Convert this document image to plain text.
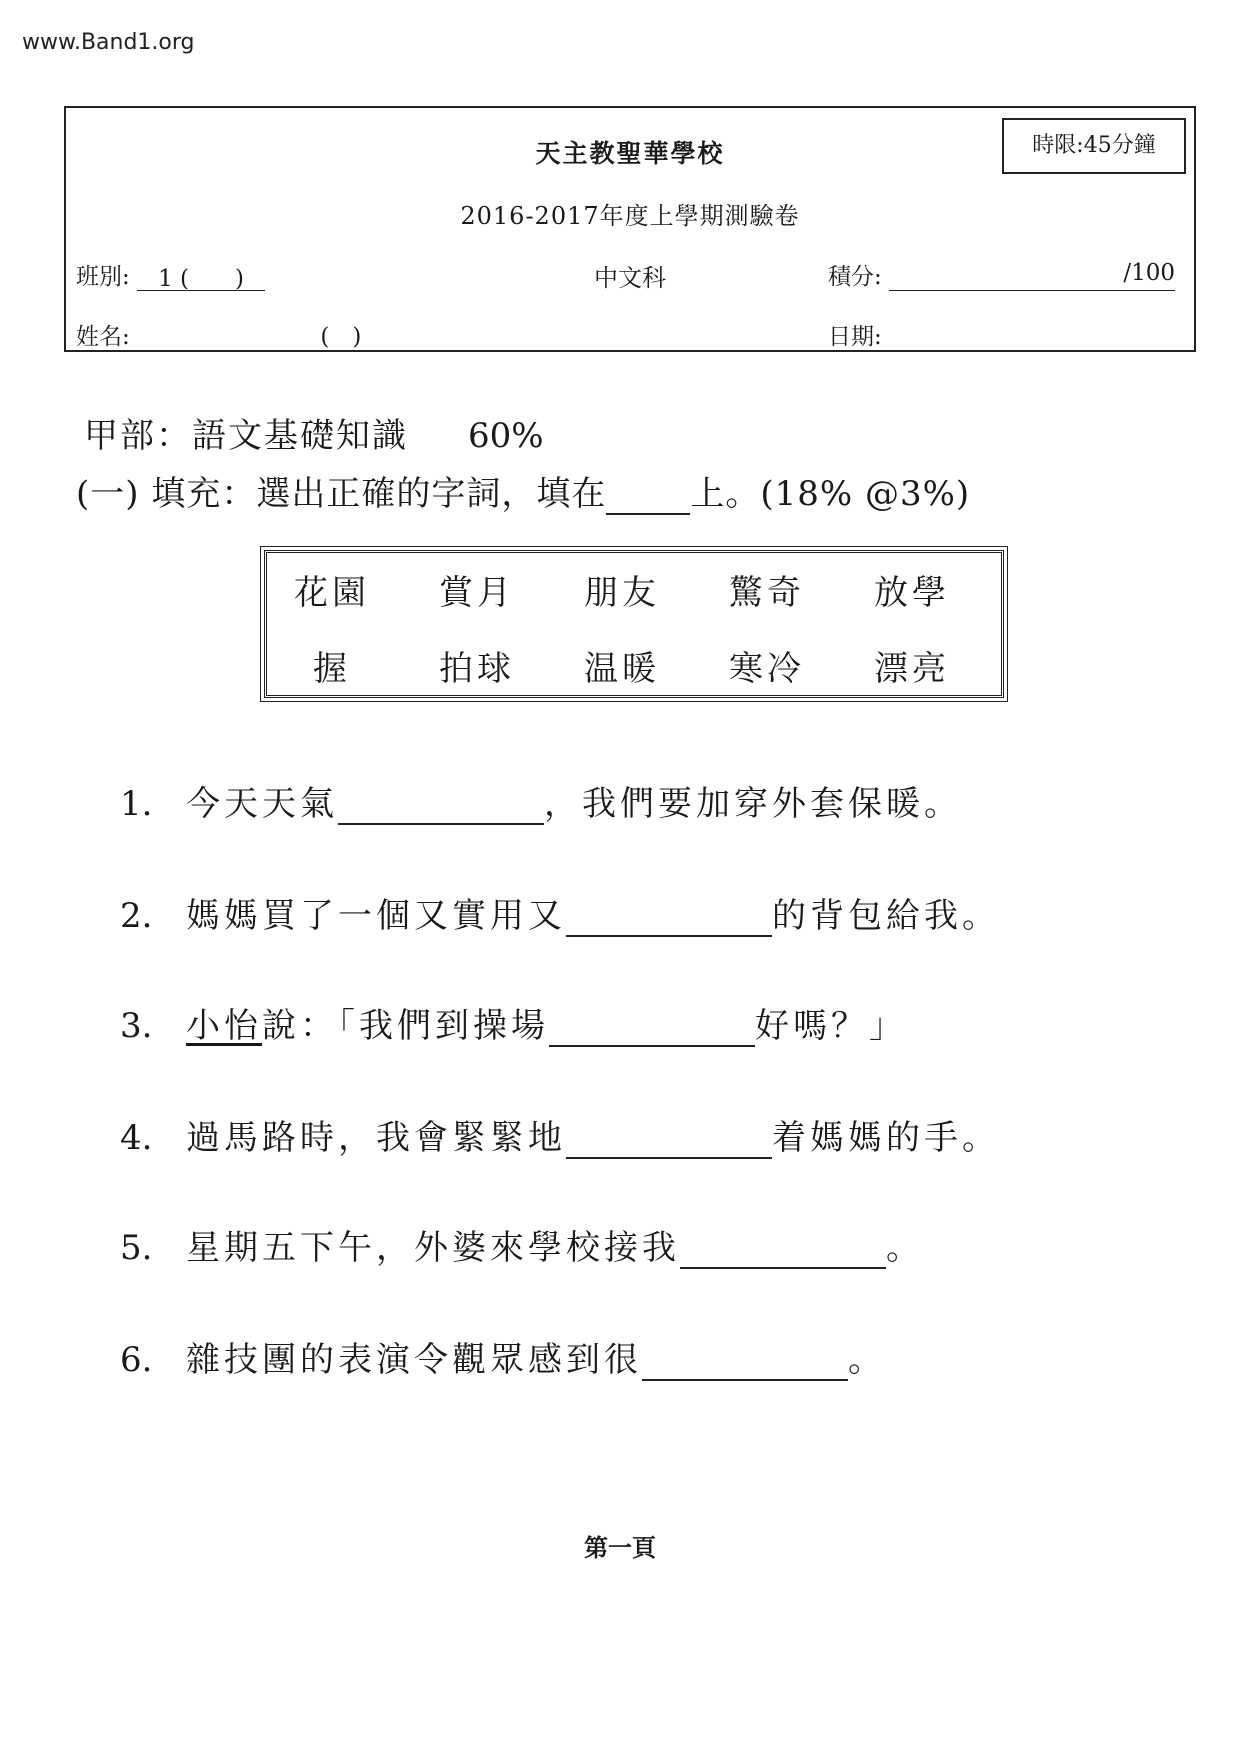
www.Band1.org
天主教聖華學校	時限:45分鐘
2016-2017年度上學期測驗卷
班別: 1 (　　)	中文科	積分:	/100
姓名:	(　)	日期:
甲部：語文基礎知識 60%
(一) 填充：選出正確的字詞，填在 上。(18% @3%)
花園	賞月	朋友	驚奇	放學
握	拍球	温暖	寒冷	漂亮
1. 今天天氣	，我們要加穿外套保暖。
2. 媽媽買了一個又實用又	的背包給我。
3. 小怡說：「我們到操場	好嗎？」
4. 過馬路時，我會緊緊地	着媽媽的手。
5. 星期五下午，外婆來學校接我	。
6. 雜技團的表演令觀眾感到很	。
第一頁
